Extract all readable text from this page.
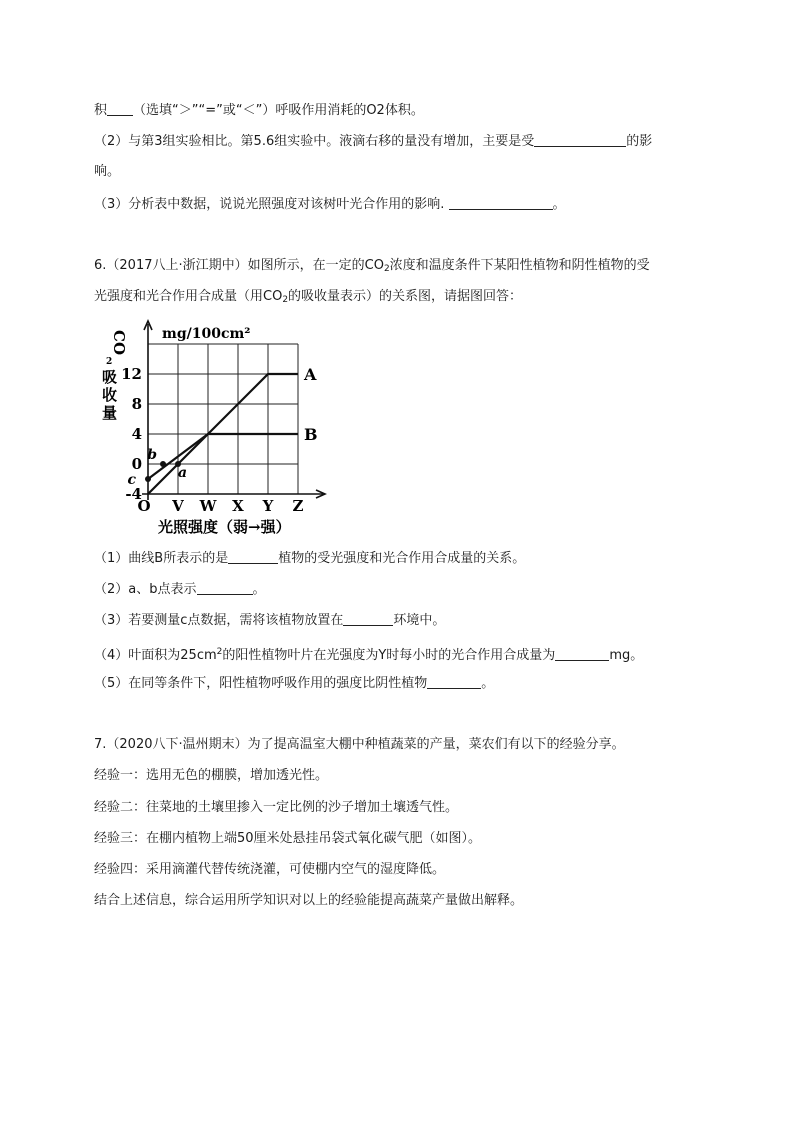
积 （选填“＞”“=”或“＜”）呼吸作用消耗的O2体积。
（2）与第3组实验相比。第5.6组实验中。液滴右移的量没有增加，主要是受	的影
响。
（3）分析表中数据，说说光照强度对该树叶光合作用的影响.	。
6.（2017八上·浙江期中）如图所示，在一定的$CO_2$浓度和温度条件下某阳性植物和阴性植物的受
光强度和光合作用合成量（用$CO_2$的吸收量表示）的关系图，请据图回答：
-4
0
4
8
12
O V W X Y Z
A
B
a
b
c
mg/100cm²
CO
2
吸 收 量
光照强度（弱→强）
（1）曲线B所表示的是	植物的受光强度和光合作用合成量的关系。
（2）a、b点表示	。
（3）若要测量c点数据，需将该植物放置在	环境中。
（4）叶面积为$25cm^2$的阳性植物叶片在光强度为Y时每小时的光合作用合成量为	mg。
（5）在同等条件下，阳性植物呼吸作用的强度比阴性植物	。
7.（2020八下·温州期末）为了提高温室大棚中种植蔬菜的产量，菜农们有以下的经验分享。
经验一：选用无色的棚膜，增加透光性。
经验二：往菜地的土壤里掺入一定比例的沙子增加土壤透气性。
经验三：在棚内植物上端50厘米处悬挂吊袋式氧化碳气肥（如图）。
经验四：采用滴灌代替传统浇灌，可使棚内空气的湿度降低。
结合上述信息，综合运用所学知识对以上的经验能提高蔬菜产量做出解释。
